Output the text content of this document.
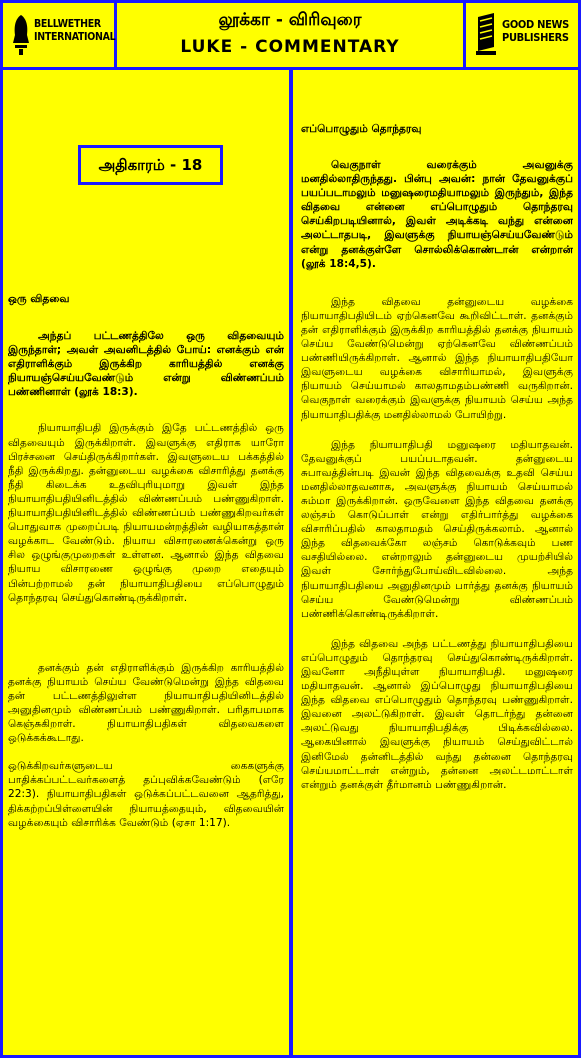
BELLWETHER
INTERNATIONAL
லூக்கா - விரிவுரை
LUKE - COMMENTARY
GOOD NEWS
PUBLISHERS
அதிகாரம் - 18
ஒரு விதவை

அந்தப் பட்டணத்திலே ஒரு விதவையும் இருந்தாள்; அவள் அவனிடத்தில் போய்: எனக்கும் என் எதிராளிக்கும் இருக்கிற காரியத்தில் எனக்கு நியாயஞ்செய்யவேண்டும் என்று விண்ணப்பம் பண்ணினாள் (லூக் 18:3).

நியாயாதிபதி இருக்கும் இதே பட்டணத்தில் ஒரு விதவையும் இருக்கிறாள். இவளுக்கு எதிராக யாரோ பிரச்சனை செய்திருக்கிறார்கள். இவளுடைய பக்கத்தில் நீதி இருக்கிறது. தன்னுடைய வழக்கை விசாரித்து தனக்கு நீதி கிடைக்க உதவிபுரியுமாறு இவள் இந்த நியாயாதிபதியினிடத்தில் விண்ணப்பம் பண்ணுகிறாள். நியாயாதிபதியினிடத்தில் விண்ணப்பம் பண்ணுகிறவர்கள் பொதுவாக முறைப்படி நியாயமன்றத்தின் வழியாகத்தான் வழக்காட வேண்டும். நியாய விசாரணைக்கென்று ஒரு சில ஒழுங்குமுறைகள் உள்ளன. ஆனால் இந்த விதவை நியாய விசாரணை ஒழுங்கு முறை எதையும் பின்பற்றாமல் தன் நியாயாதிபதியை எப்பொழுதும் தொந்தரவு செய்துகொண்டிருக்கிறாள்.

தனக்கும் தன் எதிராளிக்கும் இருக்கிற காரியத்தில் தனக்கு நியாயம் செய்ய வேண்டுமென்று இந்த விதவை தன் பட்டணத்திலுள்ள நியாயாதிபதியினிடத்தில் அனுதினமும் விண்ணப்பம் பண்ணுகிறாள். பரிதாபமாக கெஞ்சுகிறாள். நியாயாதிபதிகள் விதவைகளை ஒடுக்கக்கூடாது.

ஒடுக்கிறவர்களுடைய கைகளுக்கு பாதிக்கப்பட்டவர்களைத் தப்புவிக்கவேண்டும் (எரே 22:3). நியாயாதிபதிகள் ஒடுக்கப்பட்டவனை ஆதரித்து, திக்கற்றப்பிள்ளையின் நியாயத்தையும், விதவையின் வழக்கையும் விசாரிக்க வேண்டும் (ஏசா 1:17).

எப்பொழுதும் தொந்தரவு

வெகுநாள் வரைக்கும் அவனுக்கு மனதில்லாதிருந்தது. பின்பு அவன்: நான் தேவனுக்குப் பயப்படாமலும் மனுஷரைமதியாமலும் இருந்தும், இந்த விதவை என்னை எப்பொழுதும் தொந்தரவு செய்கிறபடியினால், இவள் அடிக்கடி வந்து என்னை அலட்டாதபடி, இவளுக்கு நியாயஞ்செய்யவேண்டும் என்று தனக்குள்ளே சொல்லிக்கொண்டான் என்றான் (லூக் 18:4,5).

இந்த விதவை தன்னுடைய வழக்கை நியாயாதிபதியிடம் ஏற்கெனவே கூறிவிட்டாள். தனக்கும் தன் எதிராளிக்கும் இருக்கிற காரியத்தில் தனக்கு நியாயம் செய்ய வேண்டுமென்று ஏற்கெனவே விண்ணப்பம் பண்ணியிருக்கிறாள். ஆனால் இந்த நியாயாதிபதியோ இவளுடைய வழக்கை விசாரியாமல், இவளுக்கு நியாயம் செய்யாமல் காலதாமதம்பண்ணி வருகிறான். வெகுநாள் வரைக்கும் இவளுக்கு நியாயம் செய்ய அந்த நியாயாதிபதிக்கு மனதில்லாமல் போயிற்று.

இந்த நியாயாதிபதி மனுஷரை மதியாதவன். தேவனுக்குப் பயப்படாதவன். தன்னுடைய சுபாவத்தின்படி இவன் இந்த விதவைக்கு உதவி செய்ய மனதில்லாதவனாக, அவளுக்கு நியாயம் செய்யாமல் சும்மா இருக்கிறான். ஒருவேளை இந்த விதவை தனக்கு லஞ்சம் கொடுப்பாள் என்று எதிர்பார்த்து வழக்கை விசாரிப்பதில் காலதாமதம் செய்திருக்கலாம். ஆனால் இந்த விதவைக்கோ லஞ்சம் கொடுக்கவும் பண வசதியில்லை. என்றாலும் தன்னுடைய முயற்சியில் இவள் சோர்ந்துபோய்விடவில்லை. அந்த நியாயாதிபதியை அனுதினமும் பார்த்து தனக்கு நியாயம் செய்ய வேண்டுமென்று விண்ணப்பம் பண்ணிக்கொண்டிருக்கிறாள்.

இந்த விதவை அந்த பட்டணத்து நியாயாதிபதியை எப்பொழுதும் தொந்தரவு செய்துகொண்டிருக்கிறாள். இவனோ அநீதியுள்ள நியாயாதிபதி. மனுஷரை மதியாதவன். ஆனால் இப்பொழுது நியாயாதிபதியை இந்த விதவை எப்பொழுதும் தொந்தரவு பண்ணுகிறாள். இவனை அலட்டுகிறாள். இவள் தொடர்ந்து தன்னை அலட்டுவது நியாயாதிபதிக்கு பிடிக்கவில்லை. ஆகையினால் இவளுக்கு நியாயம் செய்துவிட்டால் இனிமேல் தன்னிடத்தில் வந்து தன்னை தொந்தரவு செய்யமாட்டாள் என்றும், தன்னை அலட்டமாட்டாள் என்றும் தனக்குள் தீர்மானம் பண்ணுகிறான்.
